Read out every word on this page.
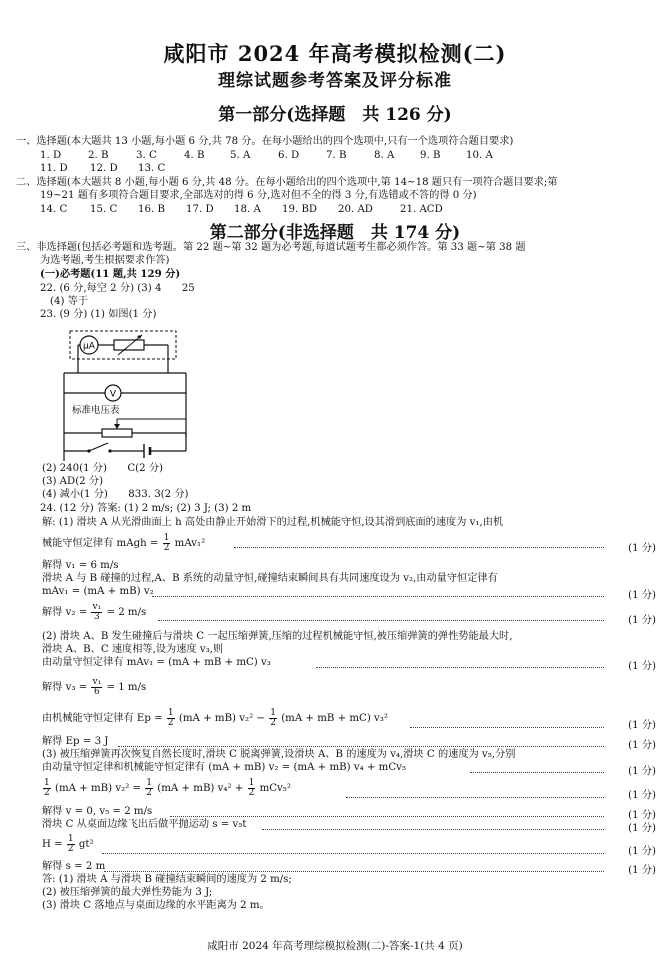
咸阳市 2024 年高考模拟检测(二)
理综试题参考答案及评分标准
第一部分(选择题　共 126 分)
一、选择题(本大题共 13 小题,每小题 6 分,共 78 分。在每小题给出的四个选项中,只有一个选项符合题目要求)
1. D	2. B	3. C	4. B	5. A	6. D	7. B	8. A	9. B	10. A
11. D 12. D 13. C
二、选择题(本大题共 8 小题,每小题 6 分,共 48 分。在每小题给出的四个选项中,第 14~18 题只有一项符合题目要求;第
19~21 题有多项符合题目要求,全部选对的得 6 分,选对但不全的得 3 分,有选错或不答的得 0 分)
14. C 15. C 16. B 17. D 18. A 19. BD 20. AD	21. ACD
第二部分(非选择题　共 174 分)
三、非选择题(包括必考题和选考题。第 22 题~第 32 题为必考题,每道试题考生都必须作答。第 33 题~第 38 题
为选考题,考生根据要求作答)
(一)必考题(11 题,共 129 分)
22. (6 分,每空 2 分) (3) 4　　25
(4) 等于
23. (9 分) (1) 如图(1 分)
μA
V
标准电压表
(2) 240(1 分)　　C(2 分)
(3) AD(2 分)
(4) 减小(1 分)　　833. 3(2 分)
24. (12 分) 答案: (1) 2 m/s; (2) 3 J; (3) 2 m
解: (1) 滑块 A 从光滑曲面上 h 高处由静止开始滑下的过程,机械能守恒,设其滑到底面的速度为 v₁,由机
械能守恒定律有 mAgh = $\frac{1}{2} mAv_1^2$	(1 分)
解得 v₁ = 6 m/s
滑块 A 与 B 碰撞的过程,A、B 系统的动量守恒,碰撞结束瞬间具有共同速度设为 v₂,由动量守恒定律有
mAv₁ = (mA + mB) v₂	(1 分)
解得 $v_2 = \frac{\text{v₁}}{3} = 2$ m/s
(1 分)
(2) 滑块 A、B 发生碰撞后与滑块 C 一起压缩弹簧,压缩的过程机械能守恒,被压缩弹簧的弹性势能最大时,
滑块 A、B、C 速度相等,设为速度 v₃,则
由动量守恒定律有 mAv₁ = (mA + mB + mC) v₃	(1 分)
解得 $v_3 = \frac{\text{v₁}}{6} = 1$ m/s
由机械能守恒定律有 $Ep = \frac{1}{2} (mA + mB) v_2^2 - \frac{1}{2} (mA$ + mB + mC) v₃²
(1 分)
解得 Ep = 3 J	(1 分)
(3) 被压缩弹簧再次恢复自然长度时,滑块 C 脱离弹簧,设滑块 A、B 的速度为 v₄,滑块 C 的速度为 v₅,分别
由动量守恒定律和机械能守恒定律有 (mA + mB) v₂ = (mA + mB) v₄ + mCv₅	(1 分)
$\frac{1}{2} (mA + mB) v_2^2 = \frac{1}{2} (mA + mB) v_4^2 + \frac{1}{2} mCv_5^2$
(1 分)
解得 v = 0, v₅ = 2 m/s	(1 分)
滑块 C 从桌面边缘飞出后做平抛运动 s = v₅t	(1 分)
$H = \frac{1}{2} gt^2$
(1 分)
解得 s = 2 m	(1 分)
答: (1) 滑块 A 与滑块 B 碰撞结束瞬间的速度为 2 m/s;
(2) 被压缩弹簧的最大弹性势能为 3 J;
(3) 滑块 C 落地点与桌面边缘的水平距离为 2 m。
咸阳市 2024 年高考理综模拟检测(二)-答案-1(共 4 页)
